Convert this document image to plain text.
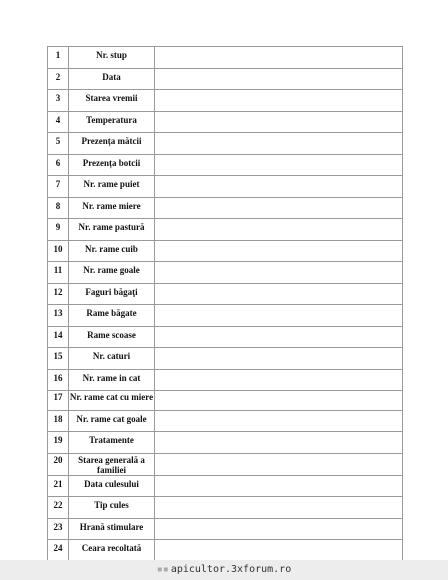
1	Nr. stup	
2	Data	
3	Starea vremii	
4	Temperatura	
5	Prezența mătcii	
6	Prezența botcii	
7	Nr. rame puiet	
8	Nr. rame miere	
9	Nr. rame pastură	
10	Nr. rame cuib	
11	Nr. rame goale	
12	Faguri băgaţi	
13	Rame băgate	
14	Rame scoase	
15	Nr. caturi	
16	Nr. rame in cat	
17	Nr. rame cat cu miere	
18	Nr. rame cat goale	
19	Tratamente	
20	Starea generală a familiei	
21	Data culesului	
22	Tip cules	
23	Hrană stimulare	
24	Ceara recoltată	

▪▪ apicultor.3xforum.ro
